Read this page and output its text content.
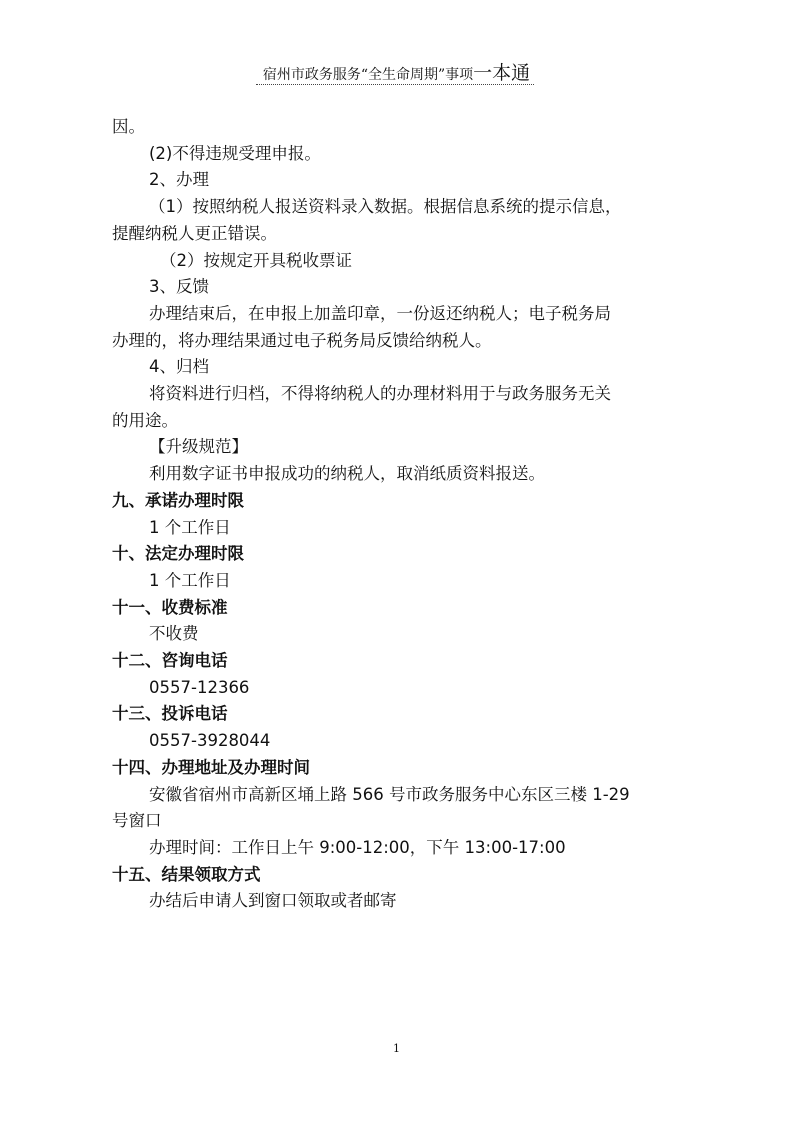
宿州市政务服务“全生命周期”事项一本通
因。
(2)不得违规受理申报。
2、办理
（1）按照纳税人报送资料录入数据。根据信息系统的提示信息，
提醒纳税人更正错误。
（2）按规定开具税收票证
3、反馈
办理结束后，在申报上加盖印章，一份返还纳税人；电子税务局
办理的，将办理结果通过电子税务局反馈给纳税人。
4、归档
将资料进行归档，不得将纳税人的办理材料用于与政务服务无关
的用途。
【升级规范】
利用数字证书申报成功的纳税人，取消纸质资料报送。
九、承诺办理时限
1 个工作日
十、法定办理时限
1 个工作日
十一、收费标准
不收费
十二、咨询电话
0557-12366
十三、投诉电话
0557-3928044
十四、办理地址及办理时间
安徽省宿州市高新区埇上路 566 号市政务服务中心东区三楼 1-29
号窗口
办理时间：工作日上午 9:00-12:00，下午 13:00-17:00
十五、结果领取方式
办结后申请人到窗口领取或者邮寄
1
